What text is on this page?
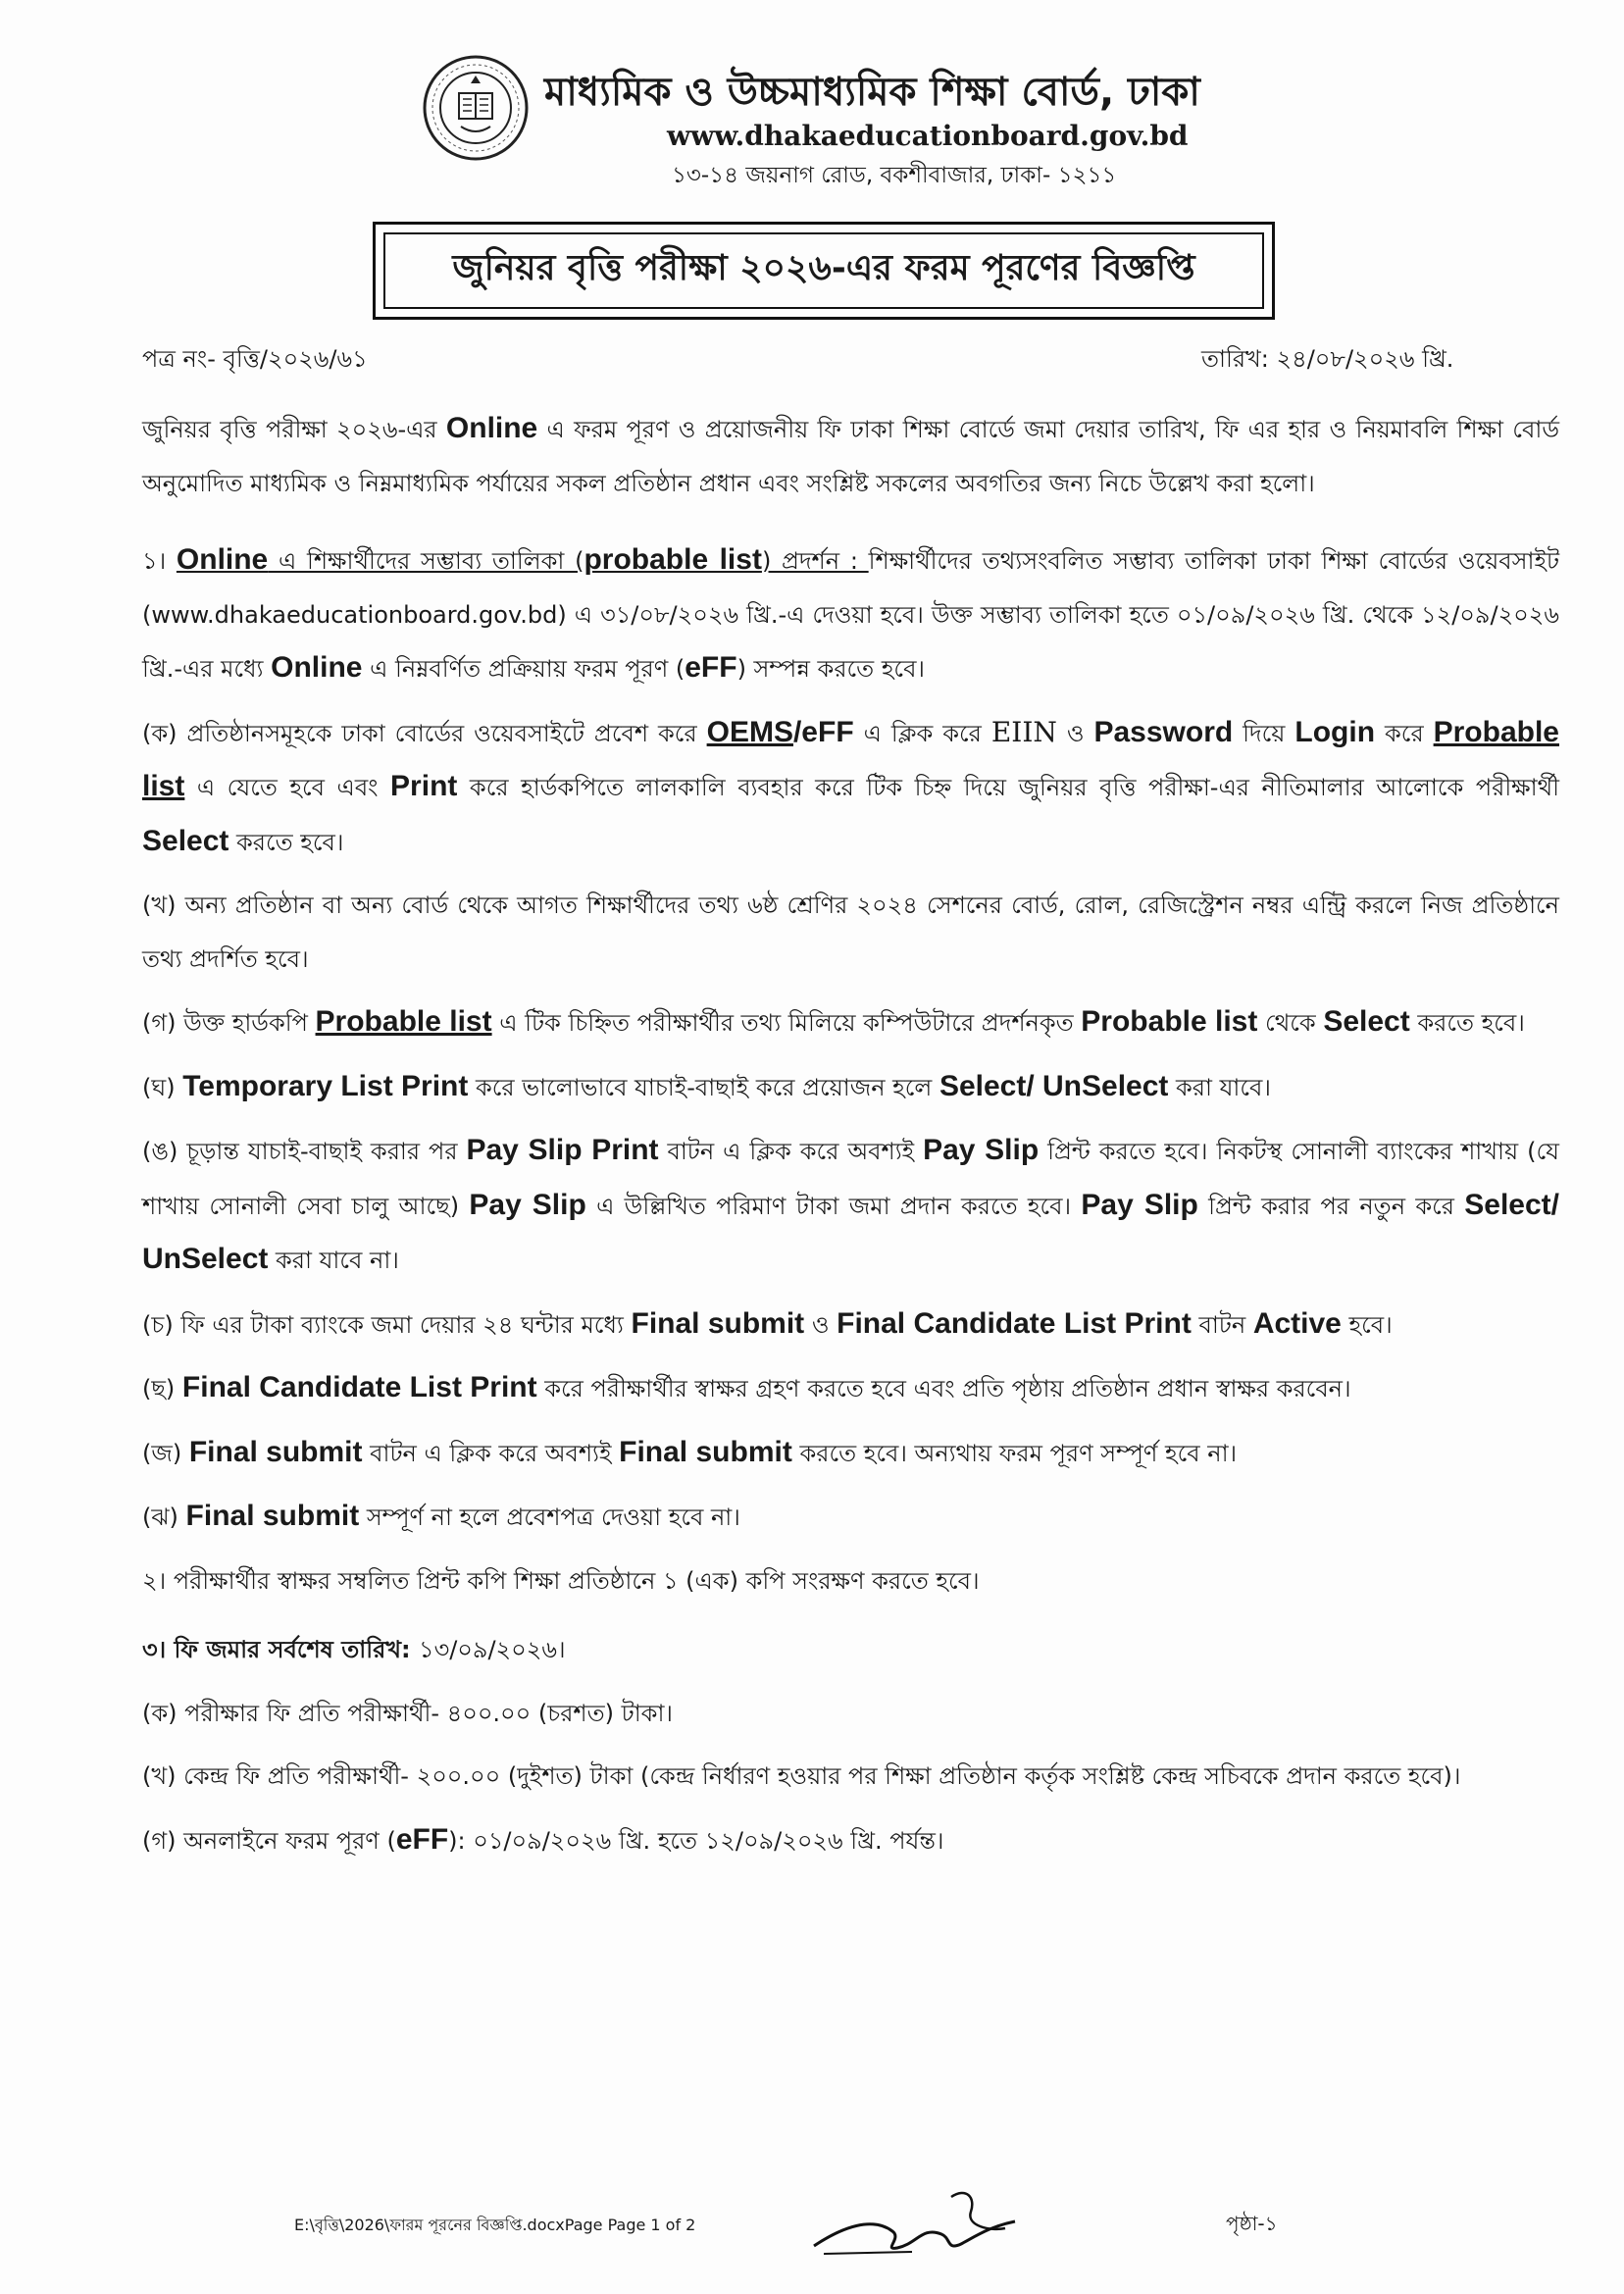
মাধ্যমিক ও উচ্চমাধ্যমিক শিক্ষা বোর্ড, ঢাকা
www.dhakaeducationboard.gov.bd
১৩-১৪ জয়নাগ রোড, বকশীবাজার, ঢাকা- ১২১১
জুনিয়র বৃত্তি পরীক্ষা ২০২৬-এর ফরম পূরণের বিজ্ঞপ্তি
পত্র নং- বৃত্তি/২০২৬/৬১	তারিখ: ২৪/০৮/২০২৬ খ্রি.

জুনিয়র বৃত্তি পরীক্ষা ২০২৬-এর Online এ ফরম পূরণ ও প্রয়োজনীয় ফি ঢাকা শিক্ষা বোর্ডে জমা দেয়ার তারিখ, ফি এর হার ও নিয়মাবলি শিক্ষা বোর্ড অনুমোদিত মাধ্যমিক ও নিম্নমাধ্যমিক পর্যায়ের সকল প্রতিষ্ঠান প্রধান এবং সংশ্লিষ্ট সকলের অবগতির জন্য নিচে উল্লেখ করা হলো।

১। Online এ শিক্ষার্থীদের সম্ভাব্য তালিকা (probable list) প্রদর্শন : শিক্ষার্থীদের তথ্যসংবলিত সম্ভাব্য তালিকা ঢাকা শিক্ষা বোর্ডের ওয়েবসাইট (www.dhakaeducationboard.gov.bd) এ ৩১/০৮/২০২৬ খ্রি.-এ দেওয়া হবে। উক্ত সম্ভাব্য তালিকা হতে ০১/০৯/২০২৬ খ্রি. থেকে ১২/০৯/২০২৬ খ্রি.-এর মধ্যে Online এ নিম্নবর্ণিত প্রক্রিয়ায় ফরম পূরণ (eFF) সম্পন্ন করতে হবে।

(ক) প্রতিষ্ঠানসমূহকে ঢাকা বোর্ডের ওয়েবসাইটে প্রবেশ করে OEMS/eFF এ ক্লিক করে EIIN ও Password দিয়ে Login করে Probable list এ যেতে হবে এবং Print করে হার্ডকপিতে লালকালি ব্যবহার করে টিক চিহ্ন দিয়ে জুনিয়র বৃত্তি পরীক্ষা-এর নীতিমালার আলোকে পরীক্ষার্থী Select করতে হবে।

(খ) অন্য প্রতিষ্ঠান বা অন্য বোর্ড থেকে আগত শিক্ষার্থীদের তথ্য ৬ষ্ঠ শ্রেণির ২০২৪ সেশনের বোর্ড, রোল, রেজিস্ট্রেশন নম্বর এন্ট্রি করলে নিজ প্রতিষ্ঠানে তথ্য প্রদর্শিত হবে।

(গ) উক্ত হার্ডকপি Probable list এ টিক চিহ্নিত পরীক্ষার্থীর তথ্য মিলিয়ে কম্পিউটারে প্রদর্শনকৃত Probable list থেকে Select করতে হবে।

(ঘ) Temporary List Print করে ভালোভাবে যাচাই-বাছাই করে প্রয়োজন হলে Select/ UnSelect করা যাবে।

(ঙ) চূড়ান্ত যাচাই-বাছাই করার পর Pay Slip Print বাটন এ ক্লিক করে অবশ্যই Pay Slip প্রিন্ট করতে হবে। নিকটস্থ সোনালী ব্যাংকের শাখায় (যে শাখায় সোনালী সেবা চালু আছে) Pay Slip এ উল্লিখিত পরিমাণ টাকা জমা প্রদান করতে হবে। Pay Slip প্রিন্ট করার পর নতুন করে Select/ UnSelect করা যাবে না।

(চ) ফি এর টাকা ব্যাংকে জমা দেয়ার ২৪ ঘন্টার মধ্যে Final submit ও Final Candidate List Print বাটন Active হবে।

(ছ) Final Candidate List Print করে পরীক্ষার্থীর স্বাক্ষর গ্রহণ করতে হবে এবং প্রতি পৃষ্ঠায় প্রতিষ্ঠান প্রধান স্বাক্ষর করবেন।

(জ) Final submit বাটন এ ক্লিক করে অবশ্যই Final submit করতে হবে। অন্যথায় ফরম পূরণ সম্পূর্ণ হবে না।

(ঝ) Final submit সম্পূর্ণ না হলে প্রবেশপত্র দেওয়া হবে না।

২। পরীক্ষার্থীর স্বাক্ষর সম্বলিত প্রিন্ট কপি শিক্ষা প্রতিষ্ঠানে ১ (এক) কপি সংরক্ষণ করতে হবে।

৩। ফি জমার সর্বশেষ তারিখ: ১৩/০৯/২০২৬।

(ক) পরীক্ষার ফি প্রতি পরীক্ষার্থী- ৪০০.০০ (চরশত) টাকা।

(খ) কেন্দ্র ফি প্রতি পরীক্ষার্থী- ২০০.০০ (দুইশত) টাকা (কেন্দ্র নির্ধারণ হওয়ার পর শিক্ষা প্রতিষ্ঠান কর্তৃক সংশ্লিষ্ট কেন্দ্র সচিবকে প্রদান করতে হবে)।

(গ) অনলাইনে ফরম পূরণ (eFF): ০১/০৯/২০২৬ খ্রি. হতে ১২/০৯/২০২৬ খ্রি. পর্যন্ত।

E:\বৃত্তি\2026\ফারম পূরনের বিজ্ঞপ্তি.docxPage Page 1 of 2	পৃষ্ঠা-১
